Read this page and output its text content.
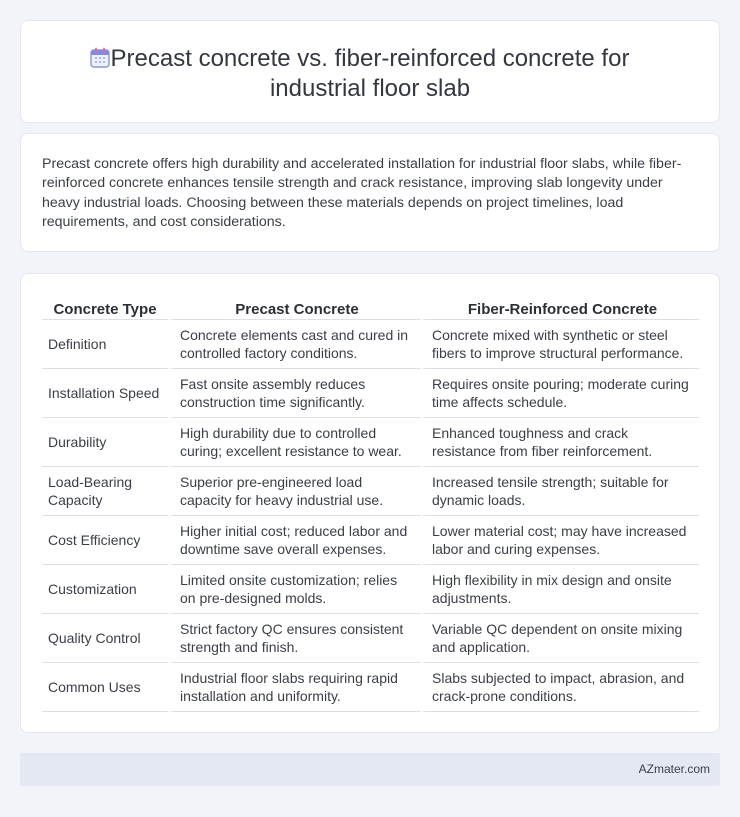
Precast concrete vs. fiber-reinforced concrete for industrial floor slab

Precast concrete offers high durability and accelerated installation for industrial floor slabs, while fiber-reinforced concrete enhances tensile strength and crack resistance, improving slab longevity under heavy industrial loads. Choosing between these materials depends on project timelines, load requirements, and cost considerations.

Concrete Type	Precast Concrete	Fiber-Reinforced Concrete
Definition	Concrete elements cast and cured in controlled factory conditions.	Concrete mixed with synthetic or steel fibers to improve structural performance.
Installation Speed	Fast onsite assembly reduces construction time significantly.	Requires onsite pouring; moderate curing time affects schedule.
Durability	High durability due to controlled curing; excellent resistance to wear.	Enhanced toughness and crack resistance from fiber reinforcement.
Load-Bearing Capacity	Superior pre-engineered load capacity for heavy industrial use.	Increased tensile strength; suitable for dynamic loads.
Cost Efficiency	Higher initial cost; reduced labor and downtime save overall expenses.	Lower material cost; may have increased labor and curing expenses.
Customization	Limited onsite customization; relies on pre-designed molds.	High flexibility in mix design and onsite adjustments.
Quality Control	Strict factory QC ensures consistent strength and finish.	Variable QC dependent on onsite mixing and application.
Common Uses	Industrial floor slabs requiring rapid installation and uniformity.	Slabs subjected to impact, abrasion, and crack-prone conditions.
AZmater.com
